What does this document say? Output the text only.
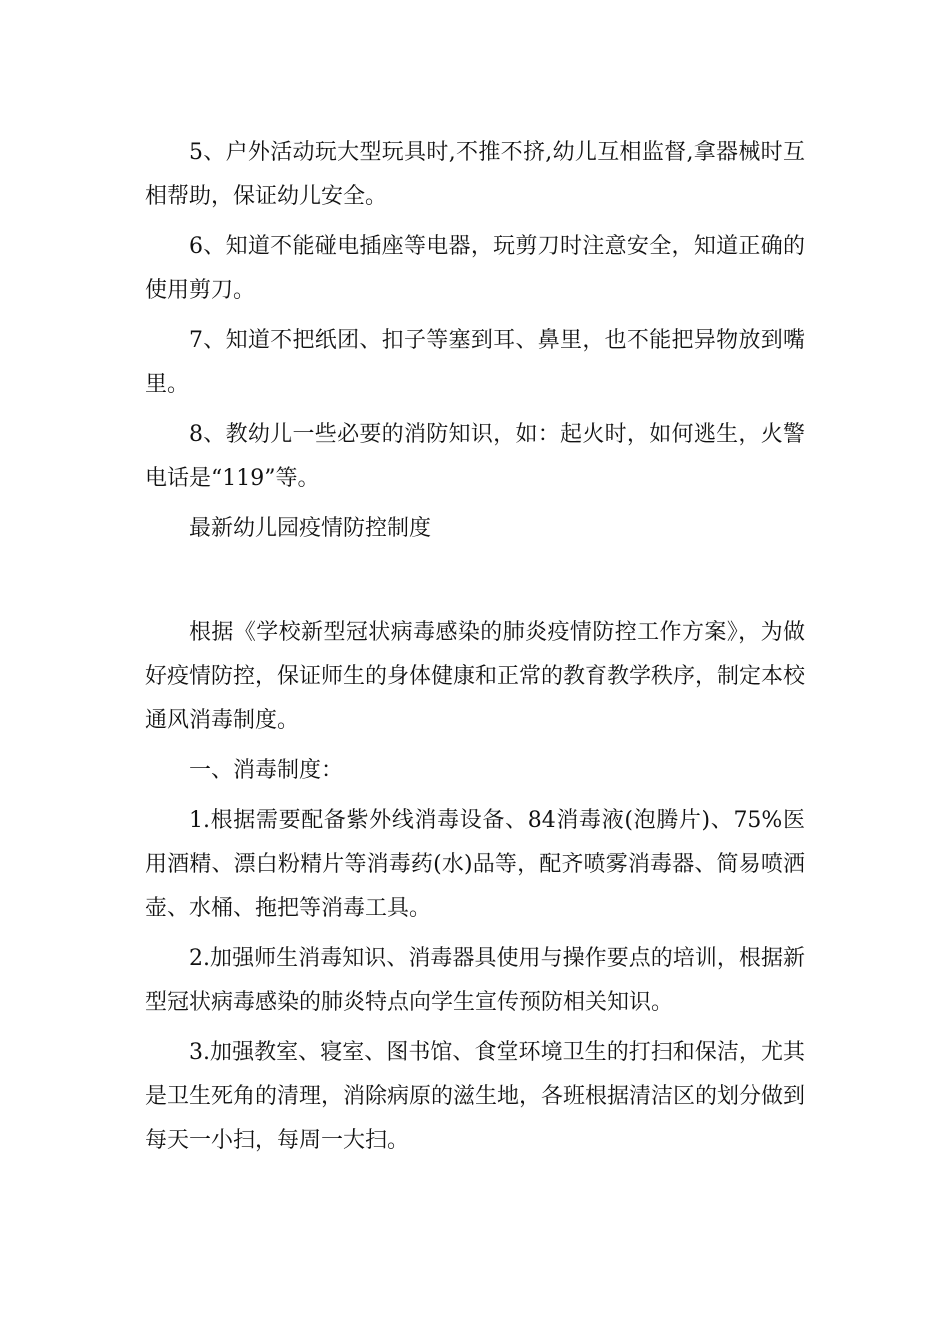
5、户外活动玩大型玩具时,不推不挤,幼儿互相监督,拿器械时互相帮助，保证幼儿安全。

6、知道不能碰电插座等电器，玩剪刀时注意安全，知道正确的使用剪刀。

7、知道不把纸团、扣子等塞到耳、鼻里，也不能把异物放到嘴里。

8、教幼儿一些必要的消防知识，如：起火时，如何逃生，火警电话是“119”等。

最新幼儿园疫情防控制度

根据《学校新型冠状病毒感染的肺炎疫情防控工作方案》，为做好疫情防控，保证师生的身体健康和正常的教育教学秩序，制定本校通风消毒制度。

一、消毒制度：

1.根据需要配备紫外线消毒设备、84消毒液(泡腾片)、75%医用酒精、漂白粉精片等消毒药(水)品等，配齐喷雾消毒器、简易喷洒壶、水桶、拖把等消毒工具。

2.加强师生消毒知识、消毒器具使用与操作要点的培训，根据新型冠状病毒感染的肺炎特点向学生宣传预防相关知识。

3.加强教室、寝室、图书馆、食堂环境卫生的打扫和保洁，尤其是卫生死角的清理，消除病原的滋生地，各班根据清洁区的划分做到每天一小扫，每周一大扫。
